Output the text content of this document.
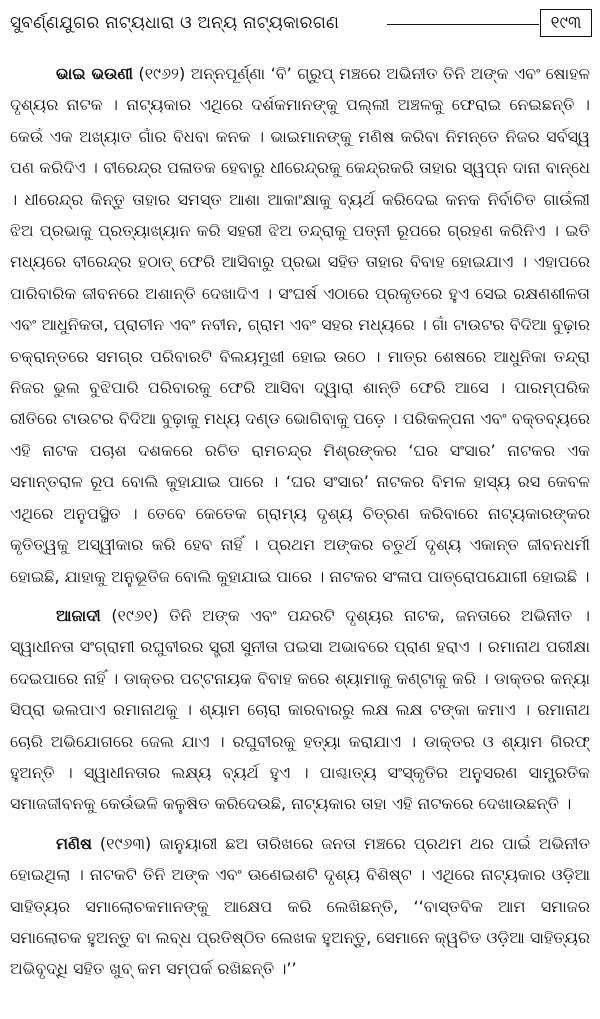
ସୁବର୍ଣ୍ଣଯୁଗର ନାଟ୍ୟଧାରା ଓ ଅନ୍ୟ ନାଟ୍ୟକାରଗଣ	୧୯୩

ଭାଇ ଭଉଣୀ (୧୯୬୨) ଅନ୍ନପୂର୍ଣ୍ଣା ‘ବି’ ଗ୍ରୁପ୍ ମଞ୍ଚରେ ଅଭିନୀତ ତିନି ଅଙ୍କ ଏବଂ ଷୋହଳ ଦୃଶ୍ୟର ନାଟକ । ନାଟ୍ୟକାର ଏଥିରେ ଦର୍ଶକମାନଙ୍କୁ ପଲ୍ଲୀ ଅଞ୍ଚଳକୁ ଫେରାଇ ନେଇଛନ୍ତି । କେଉଁ ଏକ ଅଖ୍ୟାତ ଗାଁର ବିଧବା କନକ । ଭାଇମାନଙ୍କୁ ମଣିଷ କରିବା ନିମନ୍ତେ ନିଜର ସର୍ବସ୍ୱ ପଣ କରିଦିଏ । ବୀରେନ୍ଦ୍ର ପଳାତକ ହେବାରୁ ଧୀରେନ୍ଦ୍ରକୁ କେନ୍ଦ୍ରକରି ତାହାର ସ୍ୱପ୍ନ ଦାନା ବାନ୍ଧେ । ଧୀରେନ୍ଦ୍ର କିନ୍ତୁ ତାହାର ସମସ୍ତ ଆଶା ଆକାଂକ୍ଷାକୁ ବ୍ୟର୍ଥ କରିଦେଇ କନକ ନିର୍ବାଚିତ ଗାଉଁଲୀ ଝିଅ ପ୍ରଭାକୁ ପ୍ରତ୍ୟାଖ୍ୟାନ କରି ସହରୀ ଝିଅ ତନ୍ଦ୍ରାକୁ ପତ୍ନୀ ରୂପରେ ଗ୍ରହଣ କରିନିଏ । ଇତି ମଧ୍ୟରେ ବୀରେନ୍ଦ୍ର ହଠାତ୍ ଫେରି ଆସିବାରୁ ପ୍ରଭା ସହିତ ତାହାର ବିବାହ ହୋଇଯାଏ । ଏହାପରେ ପାରିବାରିକ ଜୀବନରେ ଅଶାନ୍ତି ଦେଖାଦିଏ । ସଂଘର୍ଷ ଏଠାରେ ପ୍ରକୃତରେ ହୁଏ ସେଇ ରକ୍ଷଣଶୀଳତା ଏବଂ ଆଧୁନିକତା, ପ୍ରାଚୀନ ଏବଂ ନବୀନ, ଗ୍ରାମ ଏବଂ ସହର ମଧ୍ୟରେ । ଗାଁ ଟାଉଟର ବିଦିଆ ବୁଢ଼ାର ଚକ୍ରାନ୍ତରେ ସମଗ୍ର ପରିବାରଟି ବିଲୟମୁଖୀ ହୋଇ ଉଠେ । ମାତ୍ର ଶେଷରେ ଆଧୁନିକା ତନ୍ଦ୍ରା ନିଜର ଭୁଲ ବୁଝିପାରି ପରିବାରକୁ ଫେରି ଆସିବା ଦ୍ୱାରା ଶାନ୍ତି ଫେରି ଆସେ । ପାରମ୍ପରିକ ରୀତିରେ ଟାଉଟର ବିଦିଆ ବୁଢ଼ାକୁ ମଧ୍ୟ ଦଣ୍ଡ ଭୋଗିବାକୁ ପଡ଼େ । ପରିକଳ୍ପନା ଏବଂ ବକ୍ତବ୍ୟରେ ଏହି ନାଟକ ପଚାଶ ଦଶକରେ ରଚିତ ରାମଚନ୍ଦ୍ର ମିଶ୍ରଙ୍କର ‘ଘର ସଂସାର’ ନାଟକର ଏକ ସମାନ୍ତରାଳ ରୂପ ବୋଲି କୁହାଯାଇ ପାରେ । ‘ଘର ସଂସାର’ ନାଟକର ବିମଳ ହାସ୍ୟ ରସ କେବଳ ଏଥିରେ ଅନୁପସ୍ଥିତ । ତେବେ କେତେକ ଗ୍ରାମ୍ୟ ଦୃଶ୍ୟ ଚିତ୍ରଣ କରିବାରେ ନାଟ୍ୟକାରଙ୍କର କୃତିତ୍ୱକୁ ଅସ୍ୱୀକାର କରି ହେବ ନାହିଁ । ପ୍ରଥମ ଅଙ୍କର ଚତୁର୍ଥ ଦୃଶ୍ୟ ଏକାନ୍ତ ଜୀବନଧର୍ମୀ ହୋଇଛି, ଯାହାକୁ ଅନୁଭୂତିଜ ବୋଲି କୁହାଯାଇ ପାରେ । ନାଟକର ସଂଳାପ ପାତ୍ରୋପଯୋଗୀ ହୋଇଛି ।

ଆଜାଦୀ (୧୯୬୧) ତିନି ଅଙ୍କ ଏବଂ ପନ୍ଦରଟି ଦୃଶ୍ୟର ନାଟକ, ଜନତାରେ ଅଭିନୀତ । ସ୍ୱାଧୀନତା ସଂଗ୍ରାମୀ ରଘୁବୀରର ସ୍ତ୍ରୀ ସୁନୀତା ପଇସା ଅଭାବରେ ପ୍ରାଣ ହରାଏ । ରମାନାଥ ପରୀକ୍ଷା ଦେଇପାରେ ନାହିଁ । ଡାକ୍ତର ପଟ୍ଟନାୟକ ବିବାହ କରେ ଶ୍ୟାମାକୁ କଣ୍ଟାକୁ କରି । ଡାକ୍ତର କନ୍ୟା ସିପ୍ରା ଭଲପାଏ ରମାନାଥକୁ । ଶ୍ୟାମ ଚୋରା କାରବାରରୁ ଲକ୍ଷ ଲକ୍ଷ ଟଙ୍କା କମାଏ । ରମାନାଥ ଚୋରି ଅଭିଯୋଗରେ ଜେଲ ଯାଏ । ରଘୁବୀରକୁ ହତ୍ୟା କରାଯାଏ । ଡାକ୍ତର ଓ ଶ୍ୟାମ ଗିରଫ୍ ହୁଅନ୍ତି । ସ୍ୱାଧୀନତାର ଲକ୍ଷ୍ୟ ବ୍ୟର୍ଥ ହୁଏ । ପାଶ୍ଚାତ୍ୟ ସଂସ୍କୃତିର ଅନୁସରଣ ସାମ୍ପ୍ରତିକ ସମାଜଜୀବନକୁ କେଉଁଭଳି କଳୁଷିତ କରିଦେଉଛି, ନାଟ୍ୟକାର ତାହା ଏହି ନାଟକରେ ଦେଖାଉଛନ୍ତି ।

ମଣିଷ (୧୯୬୩) ଜାନୁୟାରୀ ଛଅ ତାରିଖରେ ଜନତା ମଞ୍ଚରେ ପ୍ରଥମ ଥର ପାଇଁ ଅଭିନୀତ ହୋଇଥିଲା । ନାଟକଟି ତିନି ଅଙ୍କ ଏବଂ ଊଣେଇଶଟି ଦୃଶ୍ୟ ବିଶିଷ୍ଟ । ଏଥିରେ ନାଟ୍ୟକାର ଓଡ଼ିଆ ସାହିତ୍ୟର ସମାଲୋଚକମାନଙ୍କୁ ଆକ୍ଷେପ କରି ଲେଖିଛନ୍ତି, ‘‘ବାସ୍ତବିକ ଆମ ସମାଜର ସମାଲୋଚକ ହୁଅନ୍ତୁ ବା ଲବ୍ଧ ପ୍ରତିଷ୍ଠିତ ଲେଖକ ହୁଅନ୍ତୁ, ସେମାନେ କ୍ୱଚିତ ଓଡ଼ିଆ ସାହିତ୍ୟର ଅଭିବୃଦ୍ଧି ସହିତ ଖୁବ୍ କମ ସମ୍ପର୍କ ରଖିଛନ୍ତି ।’’
